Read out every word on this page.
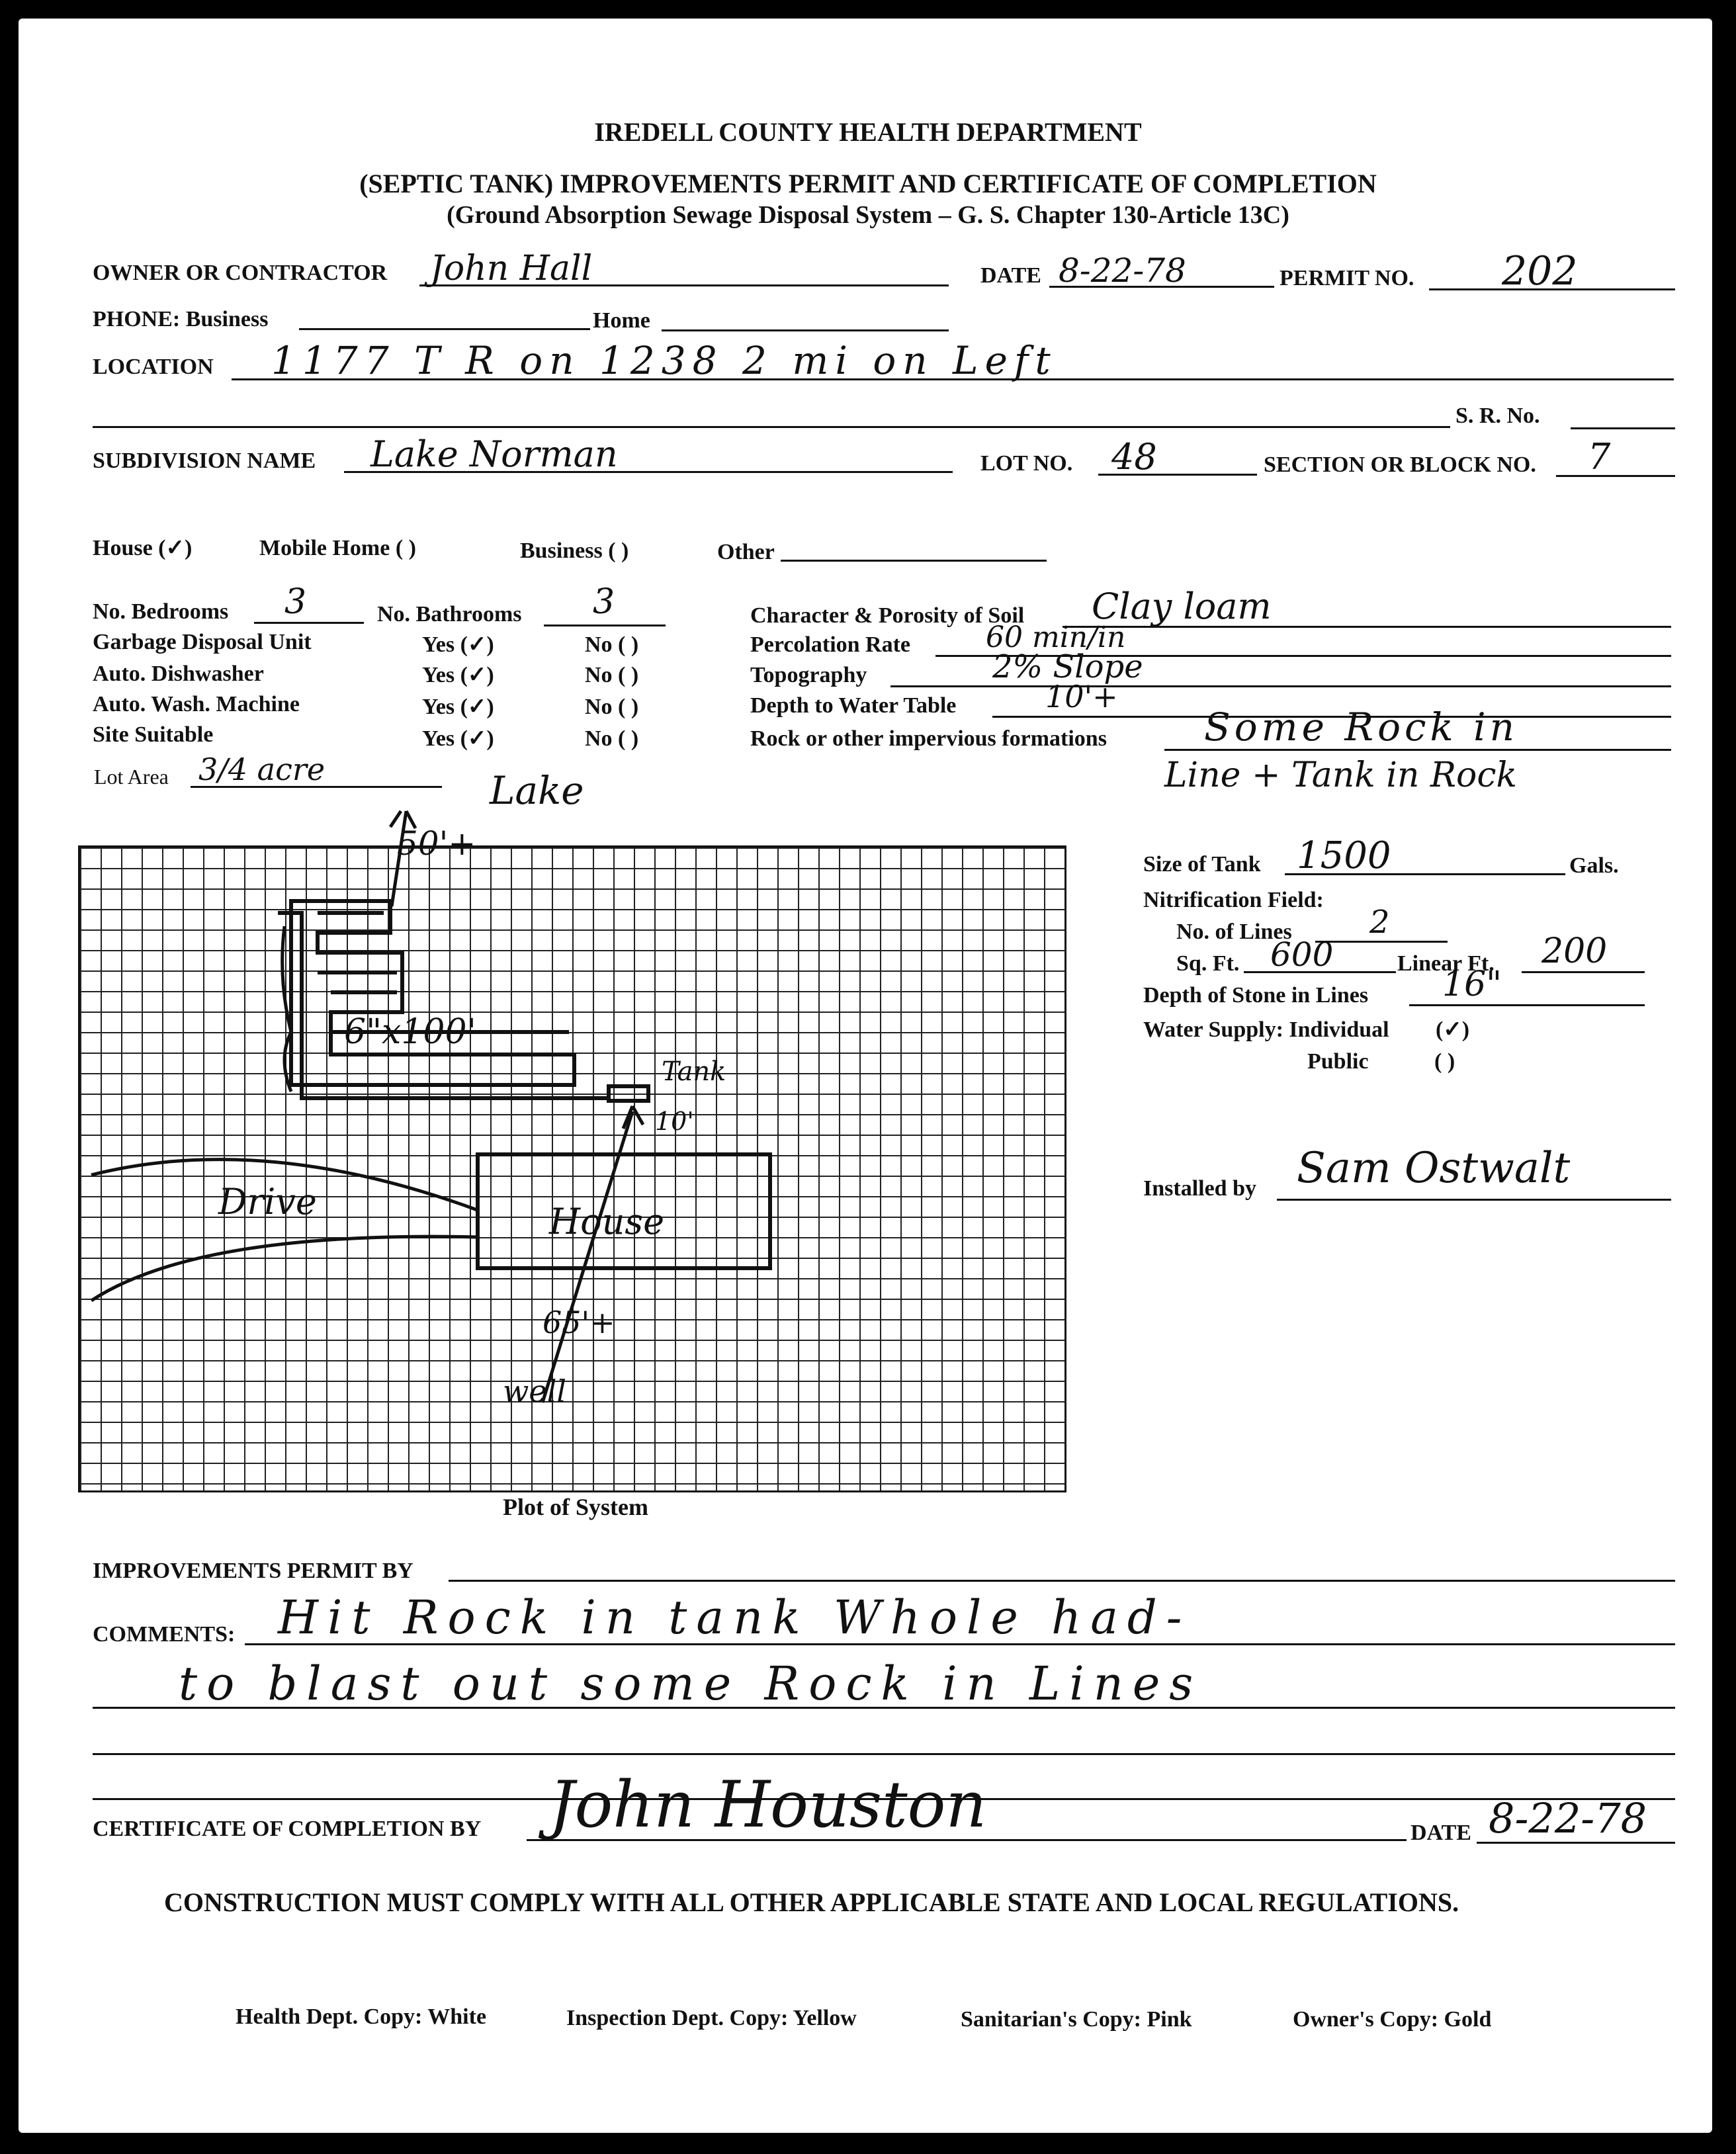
IREDELL COUNTY HEALTH DEPARTMENT
(SEPTIC TANK) IMPROVEMENTS PERMIT AND CERTIFICATE OF COMPLETION
(Ground Absorption Sewage Disposal System – G. S. Chapter 130-Article 13C)
OWNER OR CONTRACTOR John Hall	DATE 8-22-78	PERMIT NO. 202
PHONE: Business	Home
LOCATION 1177 T R on 1238 2 mi on Left
S. R. No.
SUBDIVISION NAME Lake Norman	LOT NO. 48	SECTION OR BLOCK NO. 7
House (✓)	Mobile Home ( )	Business ( )	Other
No. Bedrooms 3	No. Bathrooms 3
Garbage Disposal Unit	Yes (✓)	No ( )
Auto. Dishwasher	Yes (✓)	No ( )
Auto. Wash. Machine	Yes (✓)	No ( )
Site Suitable	Yes (✓)	No ( )
Lot Area 3/4 acre
Character & Porosity of Soil Clay loam
Percolation Rate	60 min/in
Topography	2% Slope
Depth to Water Table	10'+
Rock or other impervious formations	Some Rock in
Line + Tank in Rock
Lake
50'+
6"x100'
Tank
10'
House
Drive
65'+
well
Plot of System
Size of Tank 1500	Gals.
Nitrification Field:
No. of Lines 2
Sq. Ft. 600	Linear Ft. 200
Depth of Stone in Lines 16"
Water Supply: Individual (✓)
Public	( )
Installed by Sam Ostwalt
IMPROVEMENTS PERMIT BY
COMMENTS: Hit Rock in tank Whole had-
to blast out some Rock in Lines
CERTIFICATE OF COMPLETION BY John Houston	DATE 8-22-78
CONSTRUCTION MUST COMPLY WITH ALL OTHER APPLICABLE STATE AND LOCAL REGULATIONS.
Health Dept. Copy: White	Inspection Dept. Copy: Yellow	Sanitarian's Copy: Pink	Owner's Copy: Gold
